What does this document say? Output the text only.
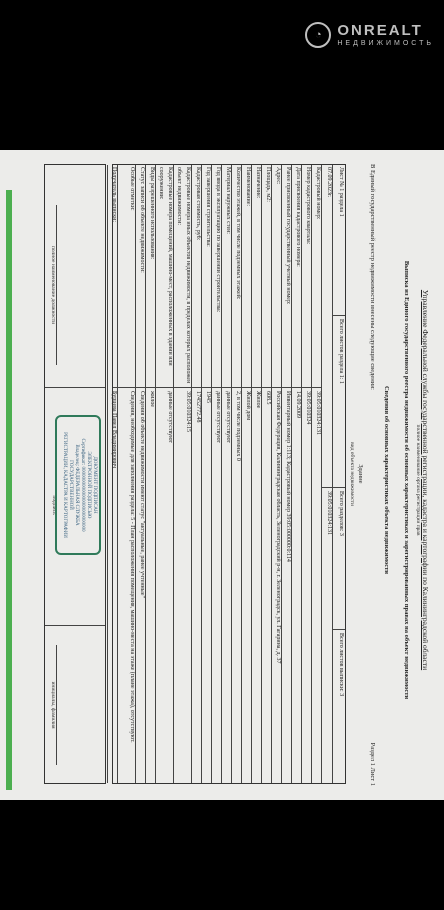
◔	ONREALT
НЕДВИЖИМОСТЬ
Управление Федеральной службы государственной регистрации, кадастра и картографии по Калининградской области
полное наименование органа регистрации прав
Выписка из Единого государственного реестра недвижимости об основных характеристиках и зарегистрированных правах на объект недвижимости
Сведения об основных характеристиках объекта недвижимости
В Единый государственный реестр недвижимости внесены следующие сведения:
Раздел 1 Лист 1
Здание
вид объекта недвижимости
Лист № 1 раздела 1
Всего листов раздела 1: 1
Всего разделов: 3
Всего листов выписки: 3
07.09.2023г.
39:05:010324:131
Кадастровый номер:
39:05:010324:131
Номер кадастрового квартала:
39:05:010324
Дата присвоения кадастрового номера:
14.09.2009
Ранее присвоенный государственный учетный номер:
Инвентарный номер 1:113; Кадастровый номер 39:05:000000:0:114
Адрес:
Российская Федерация, Калининградская область, Зеленоградский р-н, г. Зеленоградск, ул. Гагарина, д. 37
Площадь, м2:
608.5
Назначение:
Жилое
Наименование:
Жилой дом
Количество этажей, в том числе подземных этажей:
2, в том числе подземных 0
Материал наружных стен:
данные отсутствуют
Год ввода в эксплуатацию по завершении строительства:
данные отсутствуют
Год завершения строительства:
1945
Кадастровая стоимость, руб:
17452772.48
Кадастровые номера иных объектов недвижимости, в пределах которых расположен объект недвижимости:
39:05:010324:15
Кадастровые номера помещений, машино-мест, расположенных в здании или сооружении:
данные отсутствуют
Виды разрешенного использования:
жилое
Статус записи об объекте недвижимости:
Сведения об объекте недвижимости имеют статус "актуальные, ранее учтенные"
Особые отметки:
Сведения, необходимые для заполнения раздела: 5 - План расположения помещения, машино-места на этаже (плане этажа), отсутствуют.
Получатель выписки:
Бурцева Павел Владимирович
полное наименование должности
подпись
инициалы, фамилия
ДОКУМЕНТ ПОДПИСАН
ЭЛЕКТРОННОЙ ПОДПИСЬЮ
Сертификат: 00000000000000000000000000
Владелец: ФЕДЕРАЛЬНАЯ СЛУЖБА ГОСУДАРСТВЕННОЙ
РЕГИСТРАЦИИ, КАДАСТРА И КАРТОГРАФИИ
